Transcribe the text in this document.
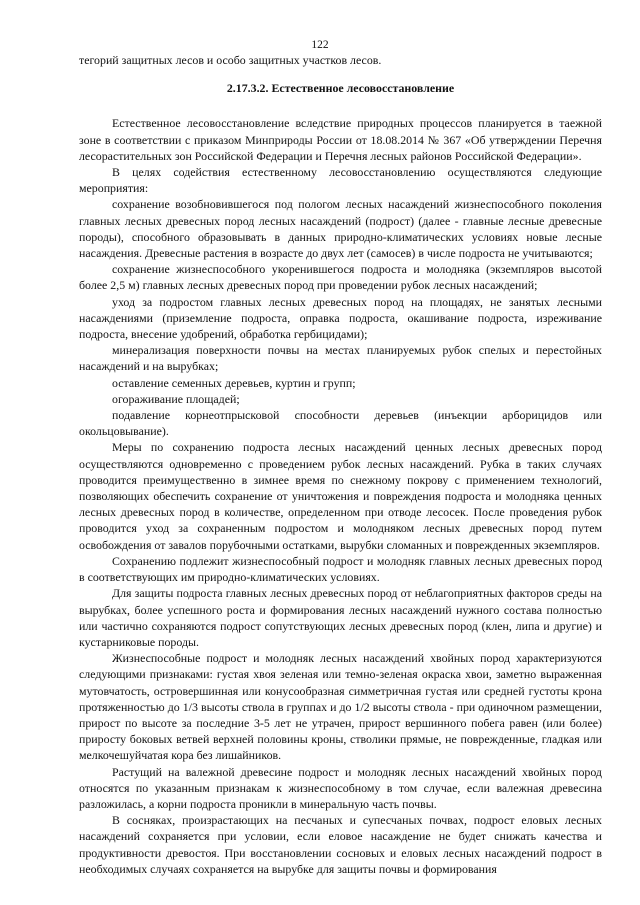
122

тегорий защитных лесов и особо защитных участков лесов.

2.17.3.2. Естественное лесовосстановление

Естественное лесовосстановление вследствие природных процессов планируется в таежной зоне в соответствии с приказом Минприроды России от 18.08.2014 № 367 «Об утверждении Перечня лесорастительных зон Российской Федерации и Перечня лесных районов Российской Федерации».

В целях содействия естественному лесовосстановлению осуществляются следующие мероприятия:

сохранение возобновившегося под пологом лесных насаждений жизнеспособного поколения главных лесных древесных пород лесных насаждений (подрост) (далее - главные лесные древесные породы), способного образовывать в данных природно-климатических условиях новые лесные насаждения. Древесные растения в возрасте до двух лет (самосев) в числе подроста не учитываются;

сохранение жизнеспособного укоренившегося подроста и молодняка (экземпляров высотой более 2,5 м) главных лесных древесных пород при проведении рубок лесных насаждений;

уход за подростом главных лесных древесных пород на площадях, не занятых лесными насаждениями (приземление подроста, оправка подроста, окашивание подроста, изреживание подроста, внесение удобрений, обработка гербицидами);

минерализация поверхности почвы на местах планируемых рубок спелых и перестойных насаждений и на вырубках;

оставление семенных деревьев, куртин и групп;

огораживание площадей;

подавление корнеотпрысковой способности деревьев (инъекции арборицидов или окольцовывание).

Меры по сохранению подроста лесных насаждений ценных лесных древесных пород осуществляются одновременно с проведением рубок лесных насаждений. Рубка в таких случаях проводится преимущественно в зимнее время по снежному покрову с применением технологий, позволяющих обеспечить сохранение от уничтожения и повреждения подроста и молодняка ценных лесных древесных пород в количестве, определенном при отводе лесосек. После проведения рубок проводится уход за сохраненным подростом и молодняком лесных древесных пород путем освобождения от завалов порубочными остатками, вырубки сломанных и поврежденных экземпляров.

Сохранению подлежит жизнеспособный подрост и молодняк главных лесных древесных пород в соответствующих им природно-климатических условиях.

Для защиты подроста главных лесных древесных пород от неблагоприятных факторов среды на вырубках, более успешного роста и формирования лесных насаждений нужного состава полностью или частично сохраняются подрост сопутствующих лесных древесных пород (клен, липа и другие) и кустарниковые породы.

Жизнеспособные подрост и молодняк лесных насаждений хвойных пород характеризуются следующими признаками: густая хвоя зеленая или темно-зеленая окраска хвои, заметно выраженная мутовчатость, островершинная или конусообразная симметричная густая или средней густоты крона протяженностью до 1/3 высоты ствола в группах и до 1/2 высоты ствола - при одиночном размещении, прирост по высоте за последние 3-5 лет не утрачен, прирост вершинного побега равен (или более) приросту боковых ветвей верхней половины кроны, стволики прямые, не поврежденные, гладкая или мелкочешуйчатая кора без лишайников.

Растущий на валежной древесине подрост и молодняк лесных насаждений хвойных пород относятся по указанным признакам к жизнеспособному в том случае, если валежная древесина разложилась, а корни подроста проникли в минеральную часть почвы.

В сосняках, произрастающих на песчаных и супесчаных почвах, подрост еловых лесных насаждений сохраняется при условии, если еловое насаждение не будет снижать качества и продуктивности древостоя. При восстановлении сосновых и еловых лесных насаждений подрост в необходимых случаях сохраняется на вырубке для защиты почвы и формирования
